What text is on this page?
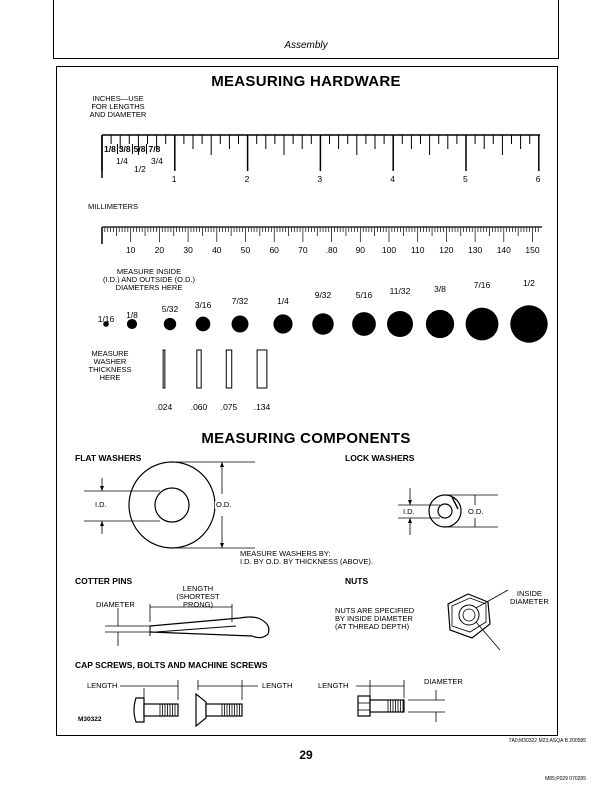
Assembly
MEASURING HARDWARE
INCHES—USE
FOR LENGTHS
AND DIAMETER
1/8 3/8 5/8 7/8
1/4	3/4
1/2
1	2	3	4	5	6
MILLIMETERS
10	20	30	40	50	60	70	.80	90	100 110 120 130 140 150
MEASURE INSIDE
(I.D.) AND OUTSIDE (O.D.)
DIAMETERS HERE
1/16	1/8
5/32	3/16	7/32	1/4
9/32	5/16	11/32	3/8	7/16	1/2
MEASURE
WASHER
THICKNESS
HERE
.024	.060	.075	.134
MEASURING COMPONENTS
FLAT WASHERS	LOCK WASHERS
I.D.	O.D.
I.D.	O.D.
MEASURE WASHERS BY:
I.D. BY O.D. BY THICKNESS (ABOVE).
COTTER PINS
DIAMETER
LENGTH
(SHORTEST
PRONG)
NUTS
NUTS ARE SPECIFIED
BY INSIDE DIAMETER
(AT THREAD DEPTH)
INSIDE
DIAMETER
CAP SCREWS, BOLTS AND MACHINE SCREWS
LENGTH	LENGTH	LENGTH	DIAMETER
M30322
7A0;M30322 M23;ASQA B 200585
29
M85;P029 070285
